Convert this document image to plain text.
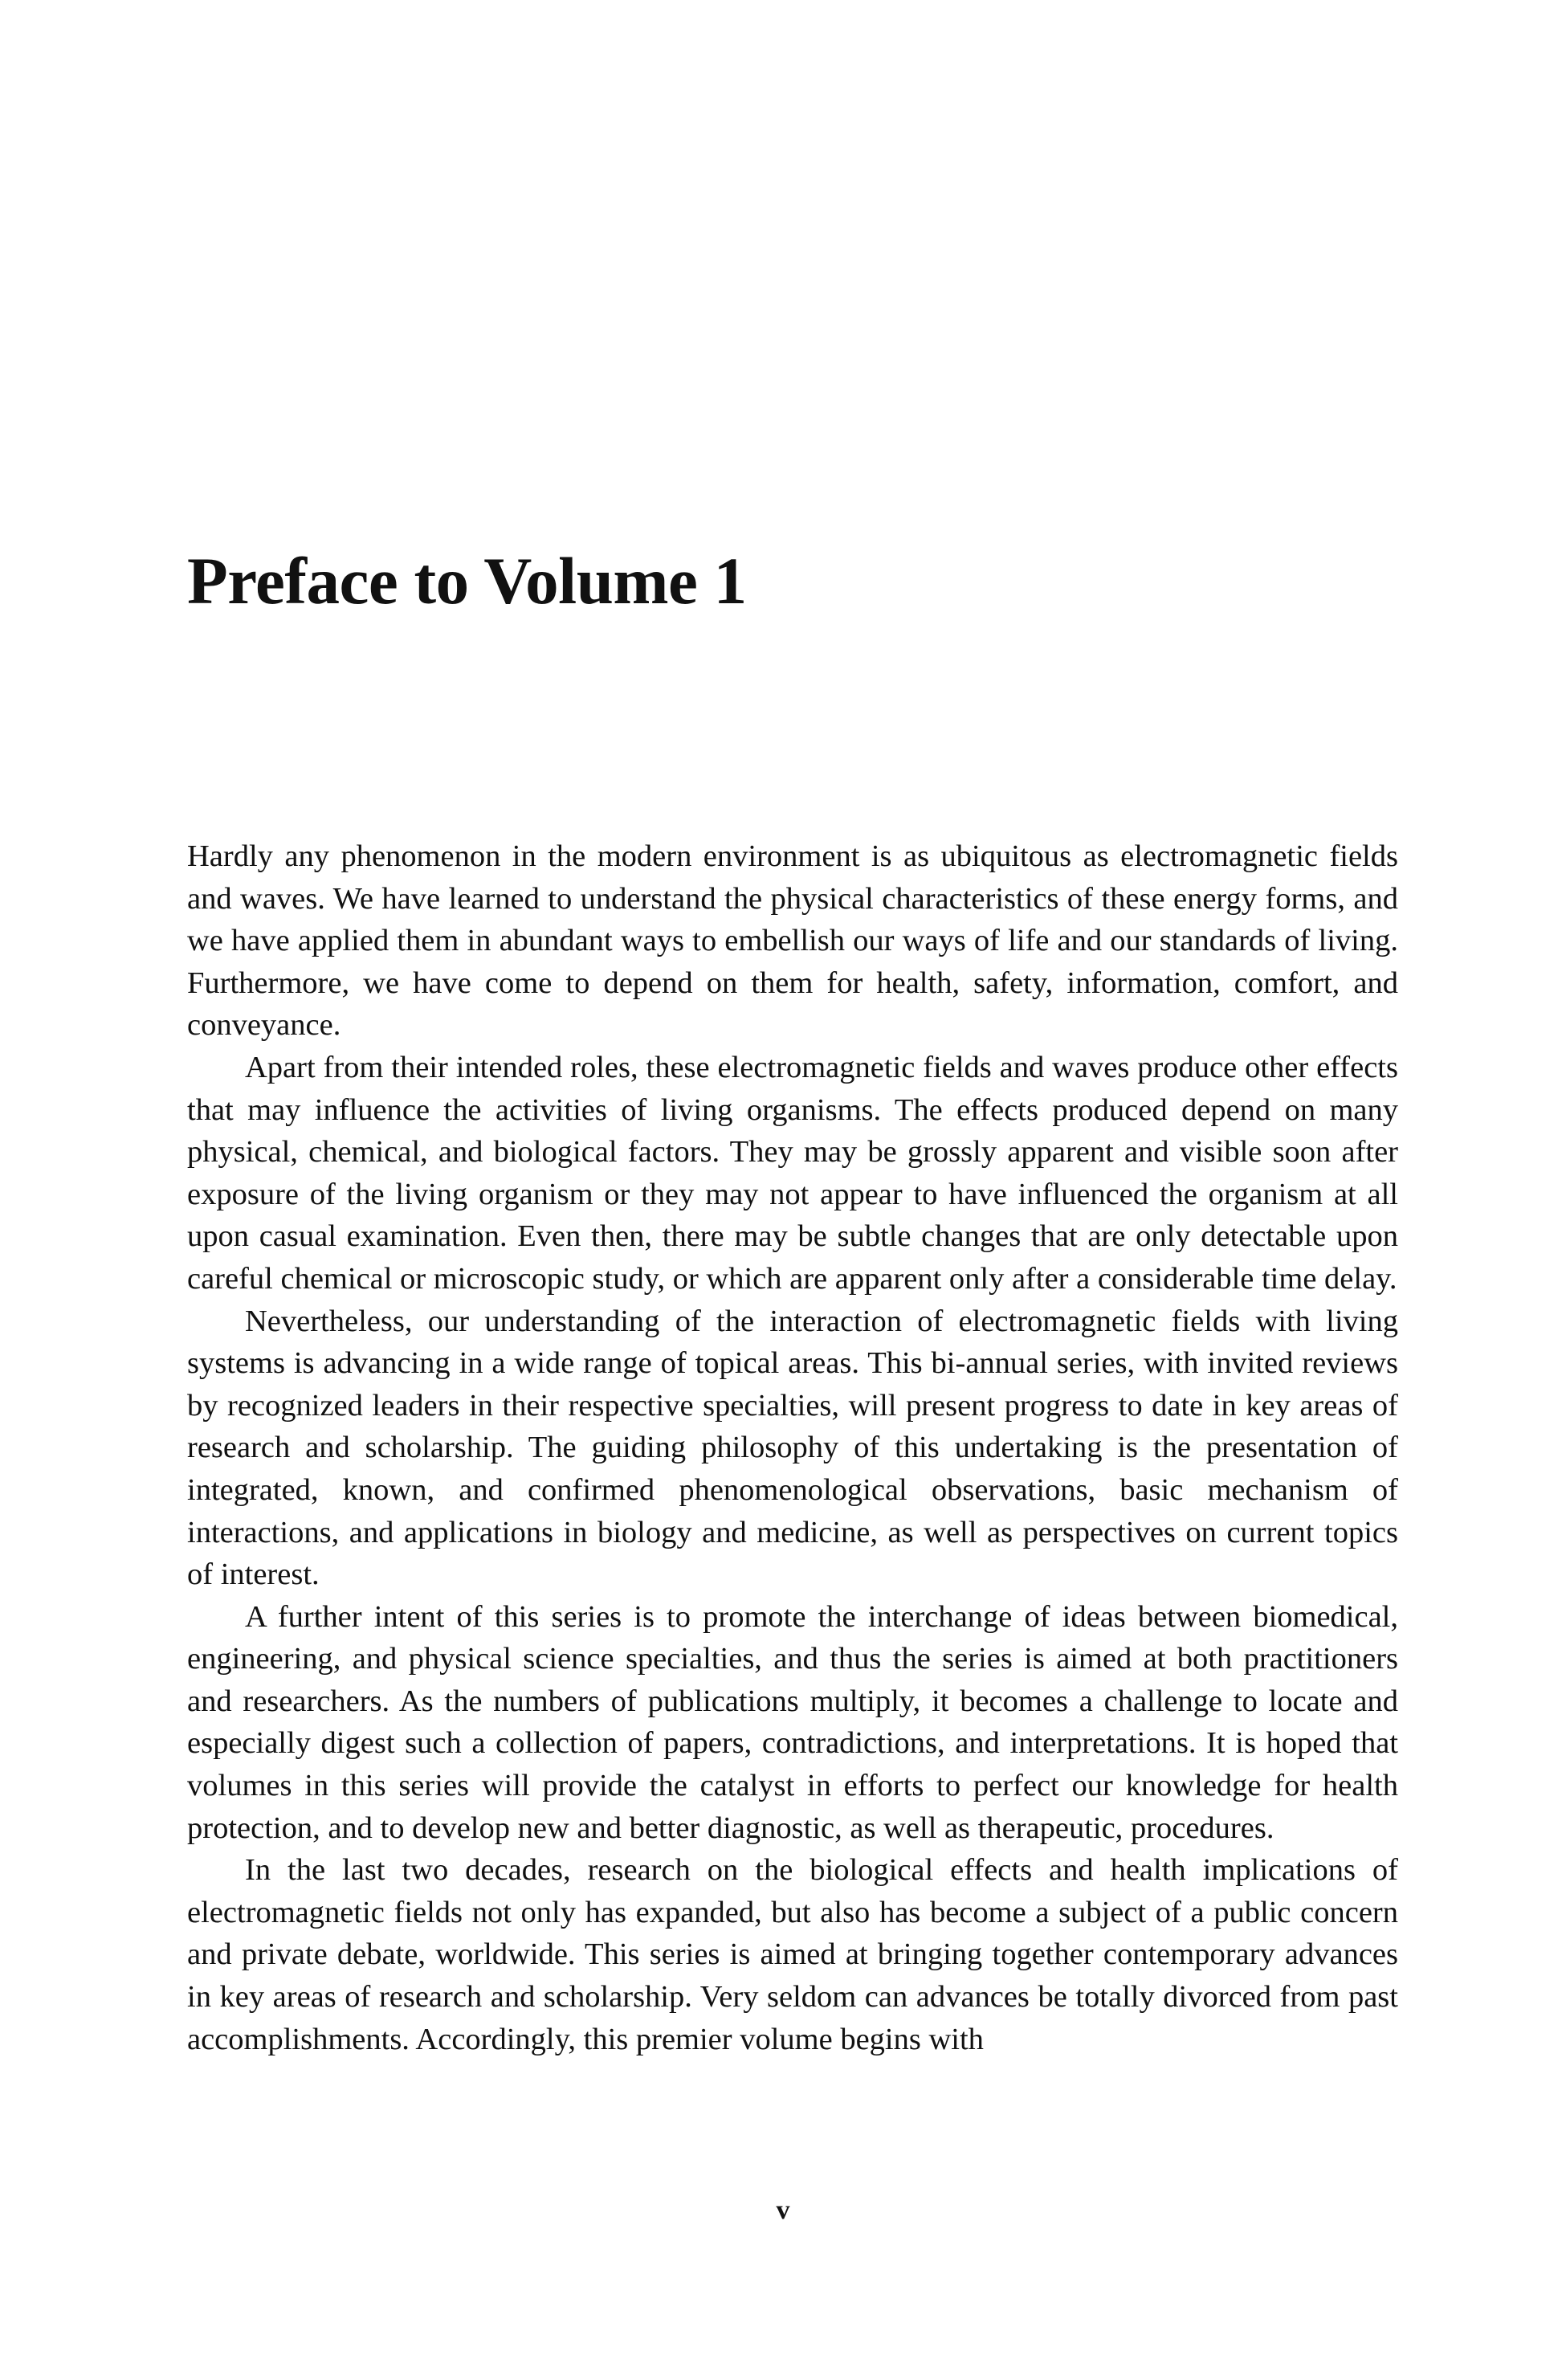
Preface to Volume 1

Hardly any phenomenon in the modern environment is as ubiquitous as electromagnetic fields and waves. We have learned to understand the physical characteristics of these energy forms, and we have applied them in abundant ways to embellish our ways of life and our standards of living. Furthermore, we have come to depend on them for health, safety, information, comfort, and conveyance.

Apart from their intended roles, these electromagnetic fields and waves produce other effects that may influence the activities of living organisms. The effects produced depend on many physical, chemical, and biological factors. They may be grossly apparent and visible soon after exposure of the living organism or they may not appear to have influenced the organism at all upon casual examination. Even then, there may be subtle changes that are only detectable upon careful chemical or microscopic study, or which are apparent only after a considerable time delay.

Nevertheless, our understanding of the interaction of electromagnetic fields with living systems is advancing in a wide range of topical areas. This bi-annual series, with invited reviews by recognized leaders in their respective specialties, will present progress to date in key areas of research and scholarship. The guiding philosophy of this undertaking is the presentation of integrated, known, and confirmed phenomenological observations, basic mechanism of interactions, and applications in biology and medicine, as well as perspectives on current topics of interest.

A further intent of this series is to promote the interchange of ideas between biomedical, engineering, and physical science specialties, and thus the series is aimed at both practitioners and researchers. As the numbers of publications multiply, it becomes a challenge to locate and especially digest such a collection of papers, contradictions, and interpretations. It is hoped that volumes in this series will provide the catalyst in efforts to perfect our knowledge for health protection, and to develop new and better diagnostic, as well as therapeutic, procedures.

In the last two decades, research on the biological effects and health implications of electromagnetic fields not only has expanded, but also has become a subject of a public concern and private debate, worldwide. This series is aimed at bringing together contemporary advances in key areas of research and scholarship. Very seldom can advances be totally divorced from past accomplishments. Accordingly, this premier volume begins with

v
